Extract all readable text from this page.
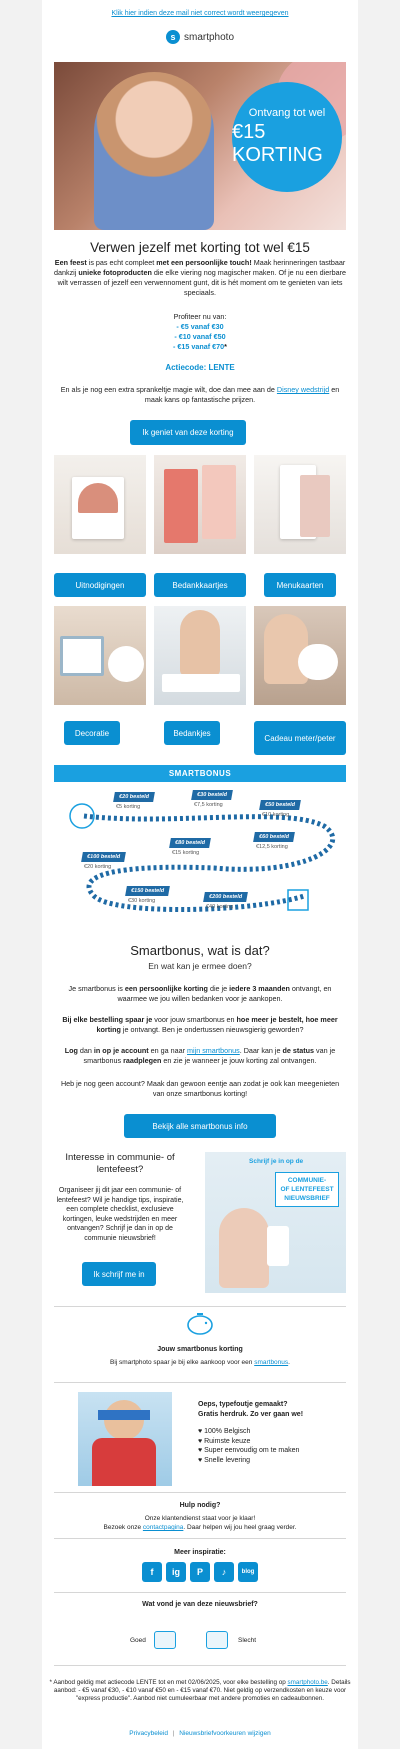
Klik hier indien deze mail niet correct wordt weergegeven
s smartphoto
Ontvang tot wel
€15 KORTING
Verwen jezelf met korting tot wel €15
Een feest is pas echt compleet met een persoonlijke touch! Maak herinneringen tastbaar dankzij unieke fotoproducten die elke viering nog magischer maken. Of je nu een dierbare wilt verrassen of jezelf een verwennoment gunt, dit is hét moment om te genieten van iets speciaals.
Profiteer nu van:
- €5 vanaf €30
- €10 vanaf €50
- €15 vanaf €70*
Actiecode: LENTE
En als je nog een extra sprankeltje magie wilt, doe dan mee aan de Disney wedstrijd en maak kans op fantastische prijzen.
Ik geniet van deze korting
Uitnodigingen	Bedankkaartjes	Menukaarten
Decoratie	Bedankjes
Cadeau meter/peter
SMARTBONUS
€20 besteld
€5 korting
€30 besteld
€7,5 korting	€50 besteld
€10 korting
€80 besteld
€15 korting
€60 besteld
€12,5 korting
€100 besteld
€20 korting
€150 besteld
€30 korting
€200 besteld
€40 korting
Smartbonus, wat is dat?
En wat kan je ermee doen?
Je smartbonus is een persoonlijke korting die je iedere 3 maanden ontvangt, en waarmee we jou willen bedanken voor je aankopen.
Bij elke bestelling spaar je voor jouw smartbonus en hoe meer je bestelt, hoe meer korting je ontvangt. Ben je ondertussen nieuwsgierig geworden?
Log dan in op je account en ga naar mijn smartbonus. Daar kan je de status van je smartbonus raadplegen en zie je wanneer je jouw korting zal ontvangen.
Heb je nog geen account? Maak dan gewoon eentje aan zodat je ook kan meegenieten van onze smartbonus korting!
Bekijk alle smartbonus info
Interesse in communie- of lentefeest?
Organiseer jij dit jaar een communie- of lentefeest? Wil je handige tips, inspiratie, een complete checklist, exclusieve kortingen, leuke wedstrijden en meer ontvangen? Schrijf je dan in op de communie nieuwsbrief!
Ik schrijf me in
Schrijf je in op de
COMMUNIE-
OF LENTEFEEST
NIEUWSBRIEF
Jouw smartbonus korting
Bij smartphoto spaar je bij elke aankoop voor een smartbonus.
Oeps, typefoutje gemaakt?
Gratis herdruk. Zo ver gaan we!
♥ 100% Belgisch
♥ Ruimste keuze
♥ Super eenvoudig om te maken
♥ Snelle levering
Hulp nodig?
Onze klantendienst staat voor je klaar!
Bezoek onze contactpagina. Daar helpen wij jou heel graag verder.
Meer inspiratie:
f	ig	P	♪	blog
Wat vond je van deze nieuwsbrief?
Goed	Slecht
* Aanbod geldig met actiecode LENTE tot en met 02/06/2025, voor elke bestelling op smartphoto.be. Details aanbod: - €5 vanaf €30, - €10 vanaf €50 en - €15 vanaf €70. Niet geldig op verzendkosten en keuze voor "express productie". Aanbod niet cumuleerbaar met andere promoties en cadeaubonnen.
Privacybeleid | Nieuwsbriefvoorkeuren wijzigen
